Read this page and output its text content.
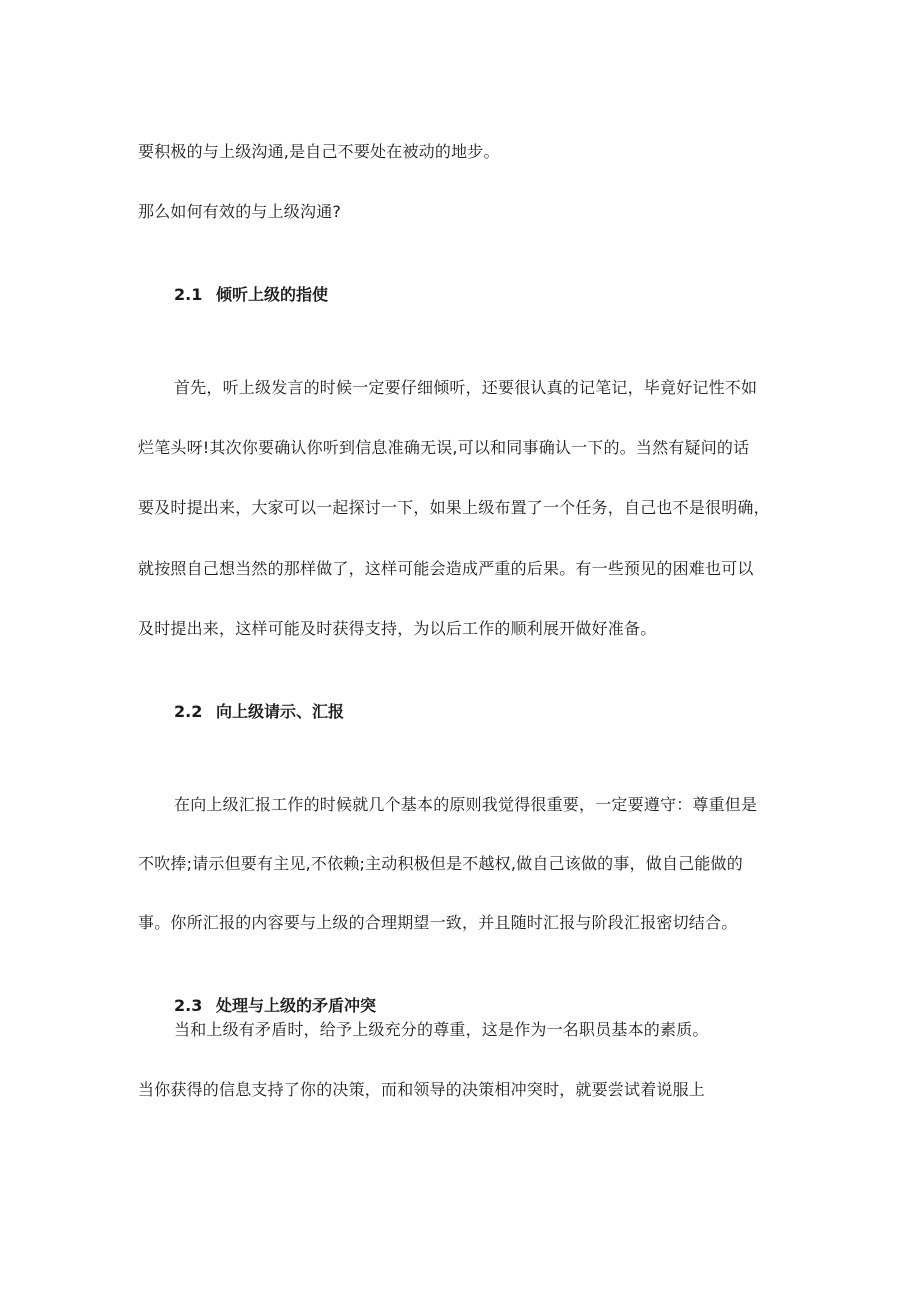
要积极的与上级沟通,是自己不要处在被动的地步。
那么如何有效的与上级沟通?
2.1 倾听上级的指使
首先，听上级发言的时候一定要仔细倾听，还要很认真的记笔记，毕竟好记性不如
烂笔头呀!其次你要确认你听到信息准确无误,可以和同事确认一下的。当然有疑问的话
要及时提出来，大家可以一起探讨一下，如果上级布置了一个任务，自己也不是很明确，
就按照自己想当然的那样做了，这样可能会造成严重的后果。有一些预见的困难也可以
及时提出来，这样可能及时获得支持，为以后工作的顺利展开做好准备。
2.2 向上级请示、汇报
在向上级汇报工作的时候就几个基本的原则我觉得很重要，一定要遵守：尊重但是
不吹捧;请示但要有主见,不依赖;主动积极但是不越权,做自己该做的事，做自己能做的
事。你所汇报的内容要与上级的合理期望一致，并且随时汇报与阶段汇报密切结合。
2.3 处理与上级的矛盾冲突
当和上级有矛盾时，给予上级充分的尊重，这是作为一名职员基本的素质。
当你获得的信息支持了你的决策，而和领导的决策相冲突时，就要尝试着说服上
